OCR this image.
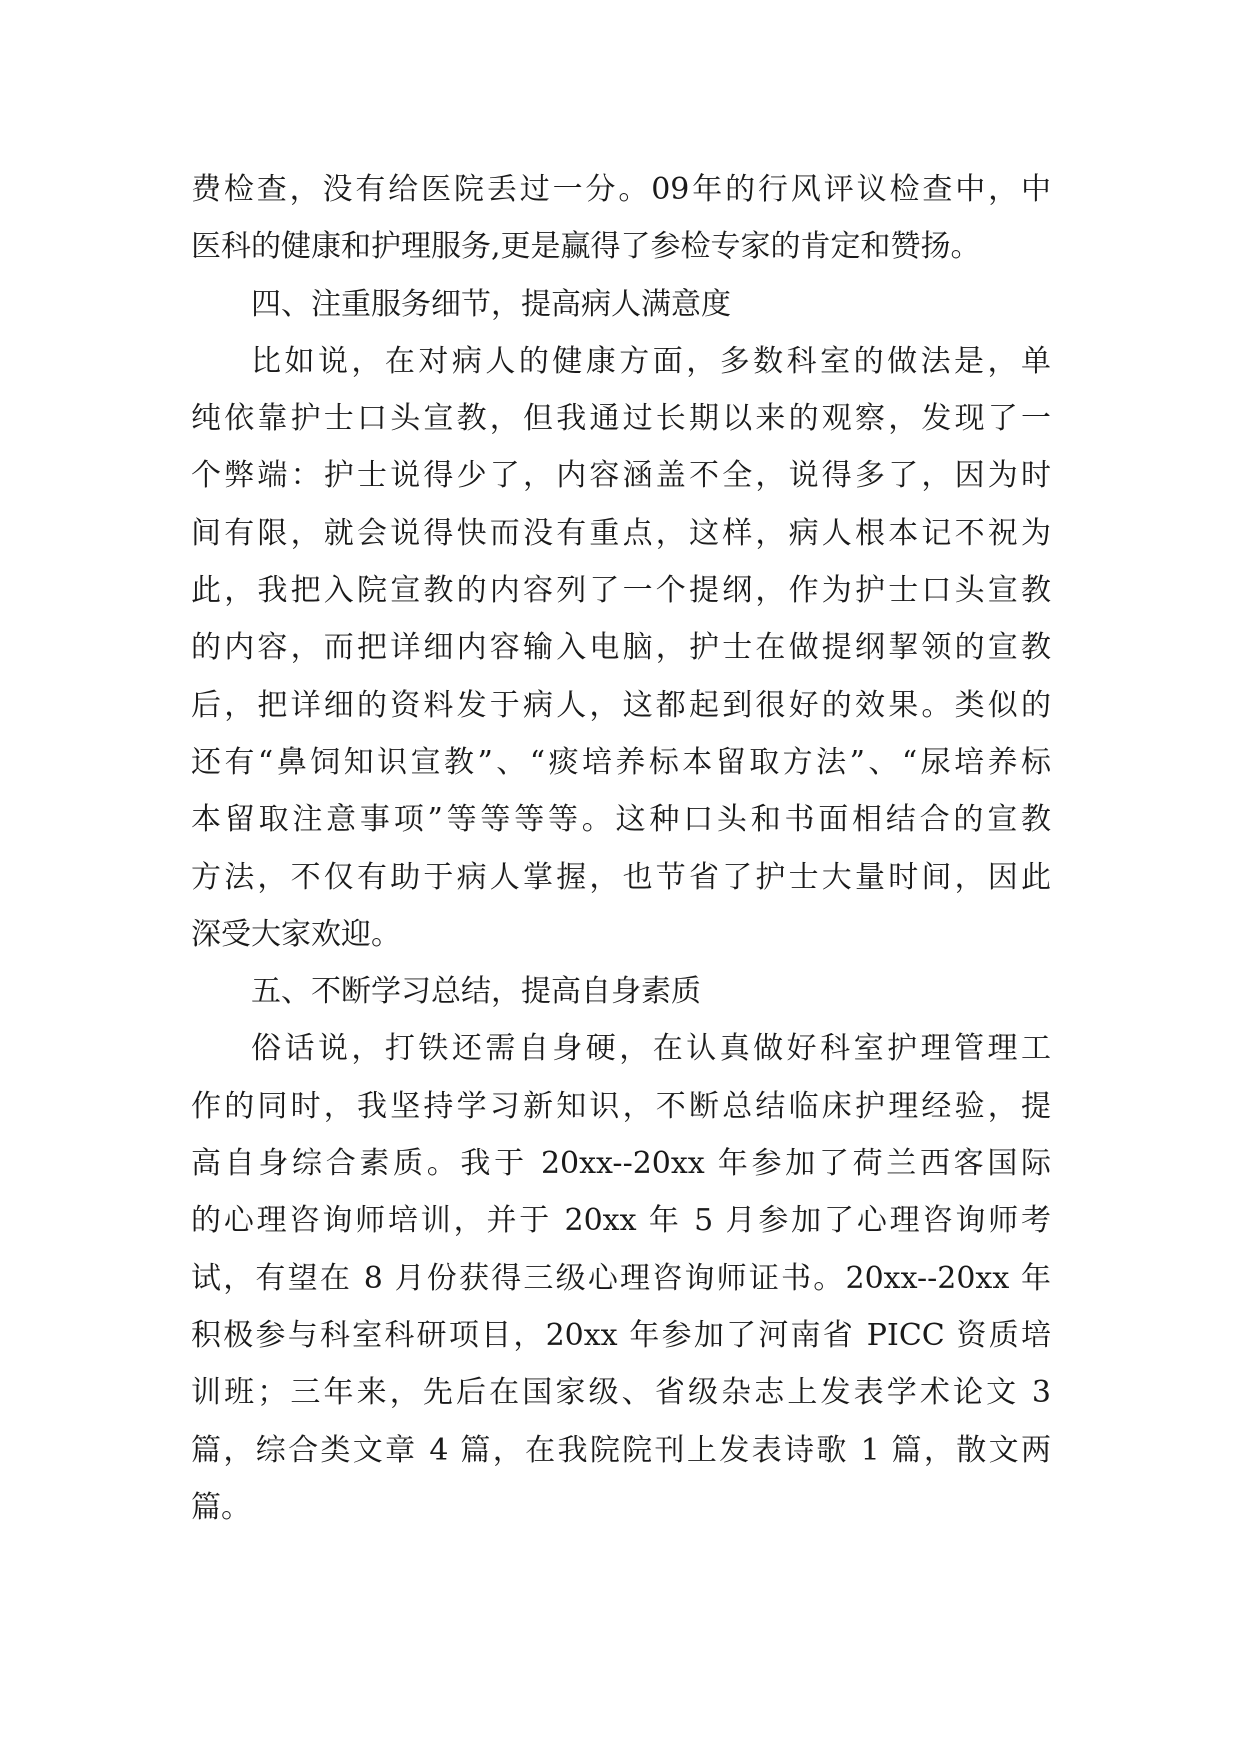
费检查，没有给医院丢过一分。09年的行风评议检查中，中
医科的健康和护理服务,更是赢得了参检专家的肯定和赞扬。
四、注重服务细节，提高病人满意度
比如说，在对病人的健康方面，多数科室的做法是，单
纯依靠护士口头宣教，但我通过长期以来的观察，发现了一
个弊端：护士说得少了，内容涵盖不全，说得多了，因为时
间有限，就会说得快而没有重点，这样，病人根本记不祝为
此，我把入院宣教的内容列了一个提纲，作为护士口头宣教
的内容，而把详细内容输入电脑，护士在做提纲挈领的宣教
后，把详细的资料发于病人，这都起到很好的效果。类似的
还有“鼻饲知识宣教”、“痰培养标本留取方法”、“尿培养标
本留取注意事项”等等等等。这种口头和书面相结合的宣教
方法，不仅有助于病人掌握，也节省了护士大量时间，因此
深受大家欢迎。
五、不断学习总结，提高自身素质
俗话说，打铁还需自身硬，在认真做好科室护理管理工
作的同时，我坚持学习新知识，不断总结临床护理经验，提
高自身综合素质。我于 20xx--20xx 年参加了荷兰西客国际
的心理咨询师培训，并于 20xx 年 5 月参加了心理咨询师考
试，有望在 8 月份获得三级心理咨询师证书。20xx--20xx 年
积极参与科室科研项目，20xx 年参加了河南省 PICC 资质培
训班；三年来，先后在国家级、省级杂志上发表学术论文 3
篇，综合类文章 4 篇，在我院院刊上发表诗歌 1 篇，散文两
篇。
